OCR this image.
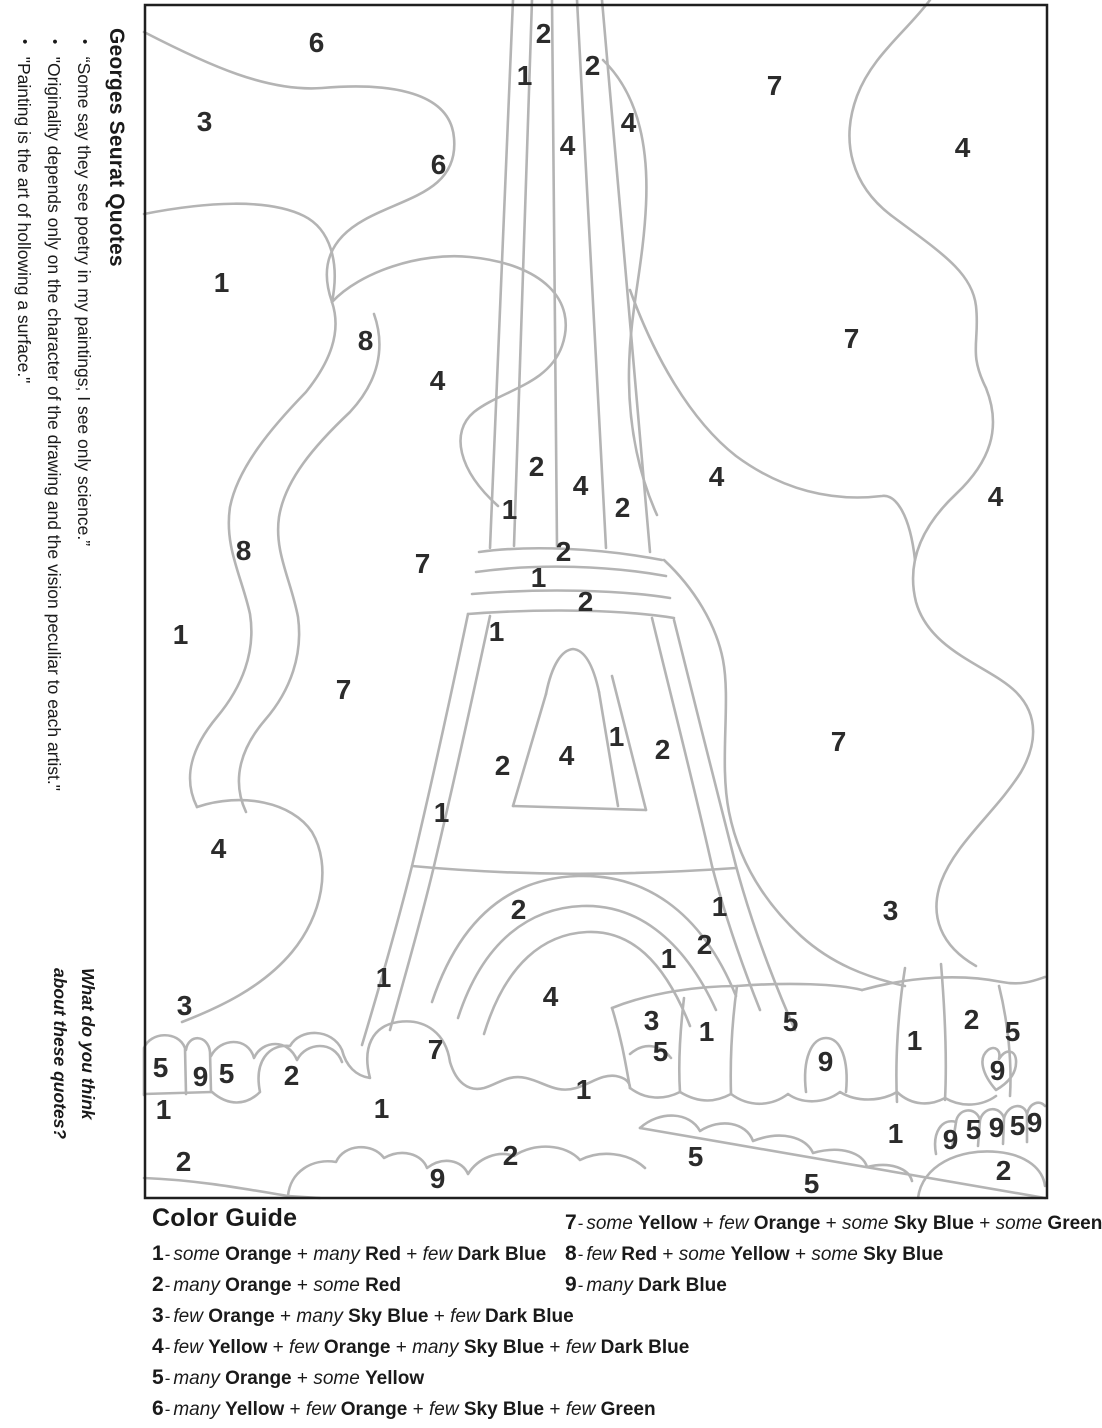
Georges Seurat Quotes
•   “Some say they see poetry in my paintings; I see only science.”
•   "Originality depends only on the character of the drawing and the vision peculiar to each artist."
•   "Painting is the art of hollowing a surface."
What do you think
about these quotes?
6	2
1 2
4
4
6
7
3
4
1
8	7
4
2
4
1	2
4
4
8	2
7	1
2
1
1
7
1 2
4
2
7
1
4
2	1	3
2
1
1
4
3	3 1 5	2 5
1
7	5	9	9
5 9 5 2
1	1
1
1 9 5 9 5 9
2	2	5
9	5	2
Color Guide
1- some Orange + many Red + few Dark Blue
2- many Orange + some Red
3- few Orange + many Sky Blue + few Dark Blue
4- few Yellow + few Orange + many Sky Blue + few Dark Blue
5- many Orange + some Yellow
6- many Yellow + few Orange + few Sky Blue + few Green
7- some Yellow + few Orange + some Sky Blue + some Green
8- few Red + some Yellow + some Sky Blue
9- many Dark Blue
